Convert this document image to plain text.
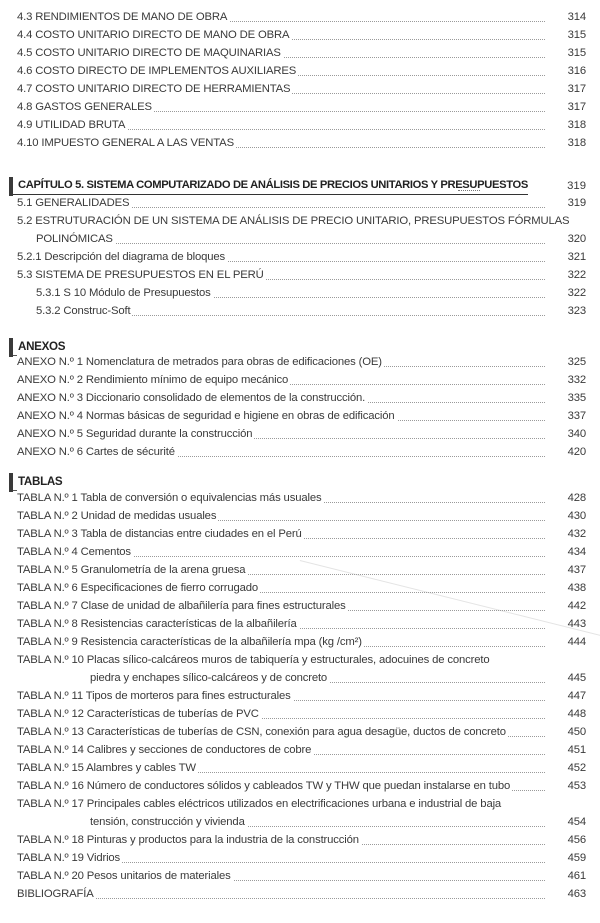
4.3 RENDIMIENTOS DE MANO DE OBRA	314
4.4 COSTO UNITARIO DIRECTO DE MANO DE OBRA	315
4.5 COSTO UNITARIO DIRECTO DE MAQUINARIAS	315
4.6 COSTO DIRECTO DE IMPLEMENTOS AUXILIARES	316
4.7 COSTO UNITARIO DIRECTO DE HERRAMIENTAS	317
4.8 GASTOS GENERALES	317
4.9 UTILIDAD BRUTA	318
4.10 IMPUESTO GENERAL A LAS VENTAS	318
CAPÍTULO 5. SISTEMA COMPUTARIZADO DE ANÁLISIS DE PRECIOS UNITARIOS Y PRESUPUESTOS	319
5.1 GENERALIDADES	319
5.2 ESTRUTURACIÓN DE UN SISTEMA DE ANÁLISIS DE PRECIO UNITARIO, PRESUPUESTOS FÓRMULAS
POLINÓMICAS	320
5.2.1 Descripción del diagrama de bloques	321
5.3 SISTEMA DE PRESUPUESTOS EN EL PERÚ	322
5.3.1 S 10 Módulo de Presupuestos	322
5.3.2 Construc-Soft	323
ANEXOS
ANEXO N.º 1 Nomenclatura de metrados para obras de edificaciones (OE)	325
ANEXO N.º 2 Rendimiento mínimo de equipo mecánico	332
ANEXO N.º 3 Diccionario consolidado de elementos de la construcción.	335
ANEXO N.º 4 Normas básicas de seguridad e higiene en obras de edificación	337
ANEXO N.º 5 Seguridad durante la construcción	340
ANEXO N.º 6 Cartes de sécurité	420
TABLAS
TABLA N.º 1 Tabla de conversión o equivalencias más usuales	428
TABLA N.º 2 Unidad de medidas usuales	430
TABLA N.º 3 Tabla de distancias entre ciudades en el Perú	432
TABLA N.º 4 Cementos	434
TABLA N.º 5 Granulometría de la arena gruesa	437
TABLA N.º 6 Especificaciones de fierro corrugado	438
TABLA N.º 7 Clase de unidad de albañilería para fines estructurales	442
TABLA N.º 8 Resistencias características de la albañilería	443
TABLA N.º 9 Resistencia características de la albañilería mpa (kg /cm²)	444
TABLA N.º 10 Placas sílico-calcáreos muros de tabiquería y estructurales, adocuines de concreto
piedra y enchapes sílico-calcáreos y de concreto	445
TABLA N.º 11 Tipos de morteros para fines estructurales	447
TABLA N.º 12 Características de tuberías de PVC	448
TABLA N.º 13 Características de tuberías de CSN, conexión para agua desagüe, ductos de concreto	450
TABLA N.º 14 Calibres y secciones de conductores de cobre	451
TABLA N.º 15 Alambres y cables TW	452
TABLA N.º 16 Número de conductores sólidos y cableados TW y THW que puedan instalarse en tubo	453
TABLA N.º 17 Principales cables eléctricos utilizados en electrificaciones urbana e industrial de baja
tensión, construcción y vivienda	454
TABLA N.º 18 Pinturas y productos para la industria de la construcción	456
TABLA N.º 19 Vidrios	459
TABLA N.º 20 Pesos unitarios de materiales	461
BIBLIOGRAFÍA	463
